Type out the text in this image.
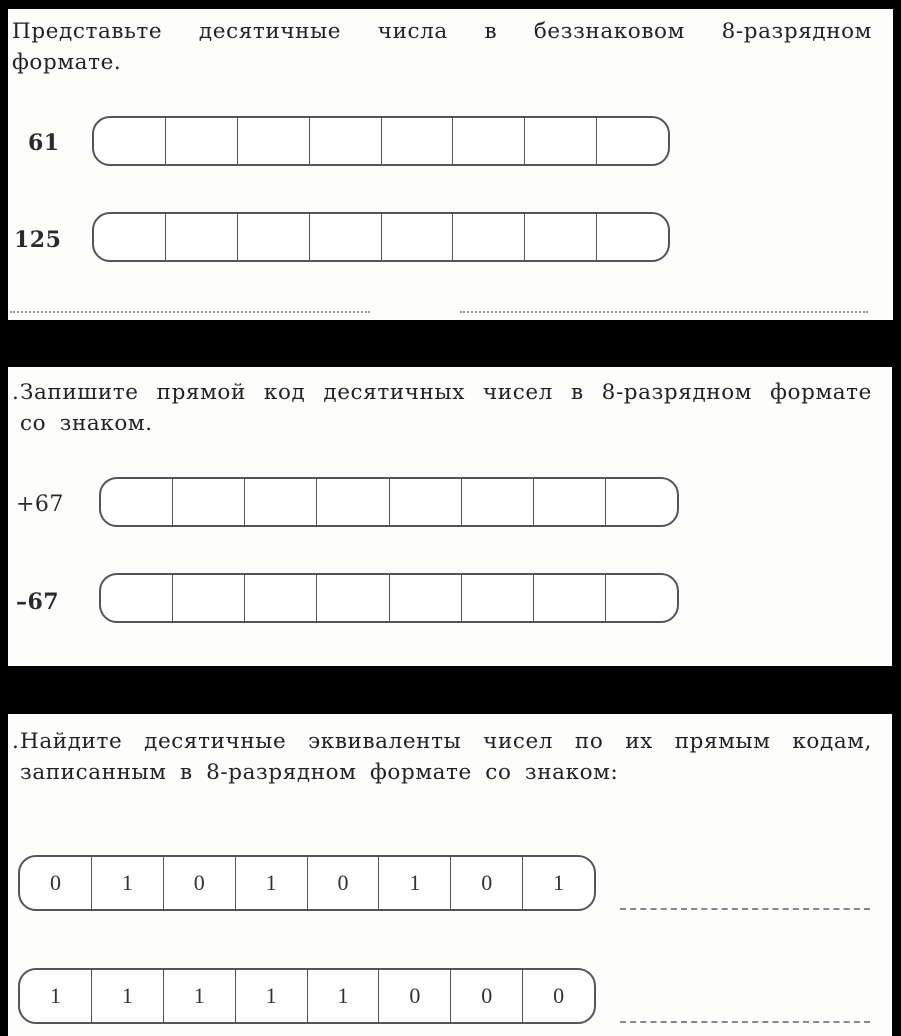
Представьте десятичные числа в беззнаковом 8-разрядном формате.

61
125

. Запишите прямой код десятичных чисел в 8-разрядном формате со знаком.

+67
–67

. Найдите десятичные эквиваленты чисел по их прямым кодам, записанным в 8-разрядном формате со знаком:

0	1	0	1	0	1	0	1
1	1	1	1	1	0	0	0
